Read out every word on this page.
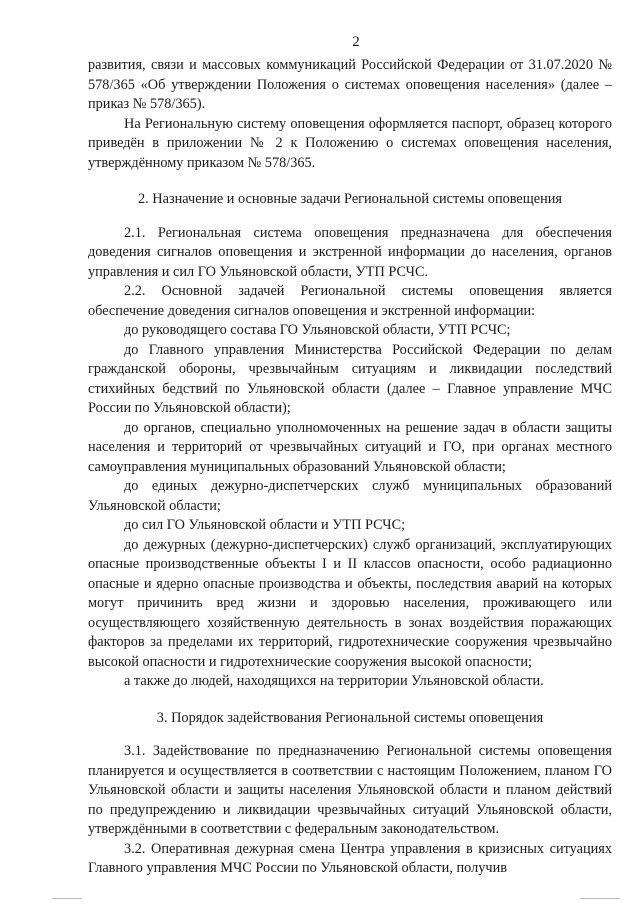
2

развития, связи и массовых коммуникаций Российской Федерации от 31.07.2020 № 578/365 «Об утверждении Положения о системах оповещения населения» (далее – приказ № 578/365).

На Региональную систему оповещения оформляется паспорт, образец которого приведён в приложении № 2 к Положению о системах оповещения населения, утверждённому приказом № 578/365.

2. Назначение и основные задачи Региональной системы оповещения

2.1. Региональная система оповещения предназначена для обеспечения доведения сигналов оповещения и экстренной информации до населения, органов управления и сил ГО Ульяновской области, УТП РСЧС.

2.2. Основной задачей Региональной системы оповещения является обеспечение доведения сигналов оповещения и экстренной информации:

до руководящего состава ГО Ульяновской области, УТП РСЧС;

до Главного управления Министерства Российской Федерации по делам гражданской обороны, чрезвычайным ситуациям и ликвидации последствий стихийных бедствий по Ульяновской области (далее – Главное управление МЧС России по Ульяновской области);

до органов, специально уполномоченных на решение задач в области защиты населения и территорий от чрезвычайных ситуаций и ГО, при органах местного самоуправления муниципальных образований Ульяновской области;

до единых дежурно-диспетчерских служб муниципальных образований Ульяновской области;

до сил ГО Ульяновской области и УТП РСЧС;

до дежурных (дежурно-диспетчерских) служб организаций, эксплуатирующих опасные производственные объекты I и II классов опасности, особо радиационно опасные и ядерно опасные производства и объекты, последствия аварий на которых могут причинить вред жизни и здоровью населения, проживающего или осуществляющего хозяйственную деятельность в зонах воздействия поражающих факторов за пределами их территорий, гидротехнические сооружения чрезвычайно высокой опасности и гидротехнические сооружения высокой опасности;

а также до людей, находящихся на территории Ульяновской области.

3. Порядок задействования Региональной системы оповещения

3.1. Задействование по предназначению Региональной системы оповещения планируется и осуществляется в соответствии с настоящим Положением, планом ГО Ульяновской области и защиты населения Ульяновской области и планом действий по предупреждению и ликвидации чрезвычайных ситуаций Ульяновской области, утверждёнными в соответствии с федеральным законодательством.

3.2. Оперативная дежурная смена Центра управления в кризисных ситуациях Главного управления МЧС России по Ульяновской области, получив
